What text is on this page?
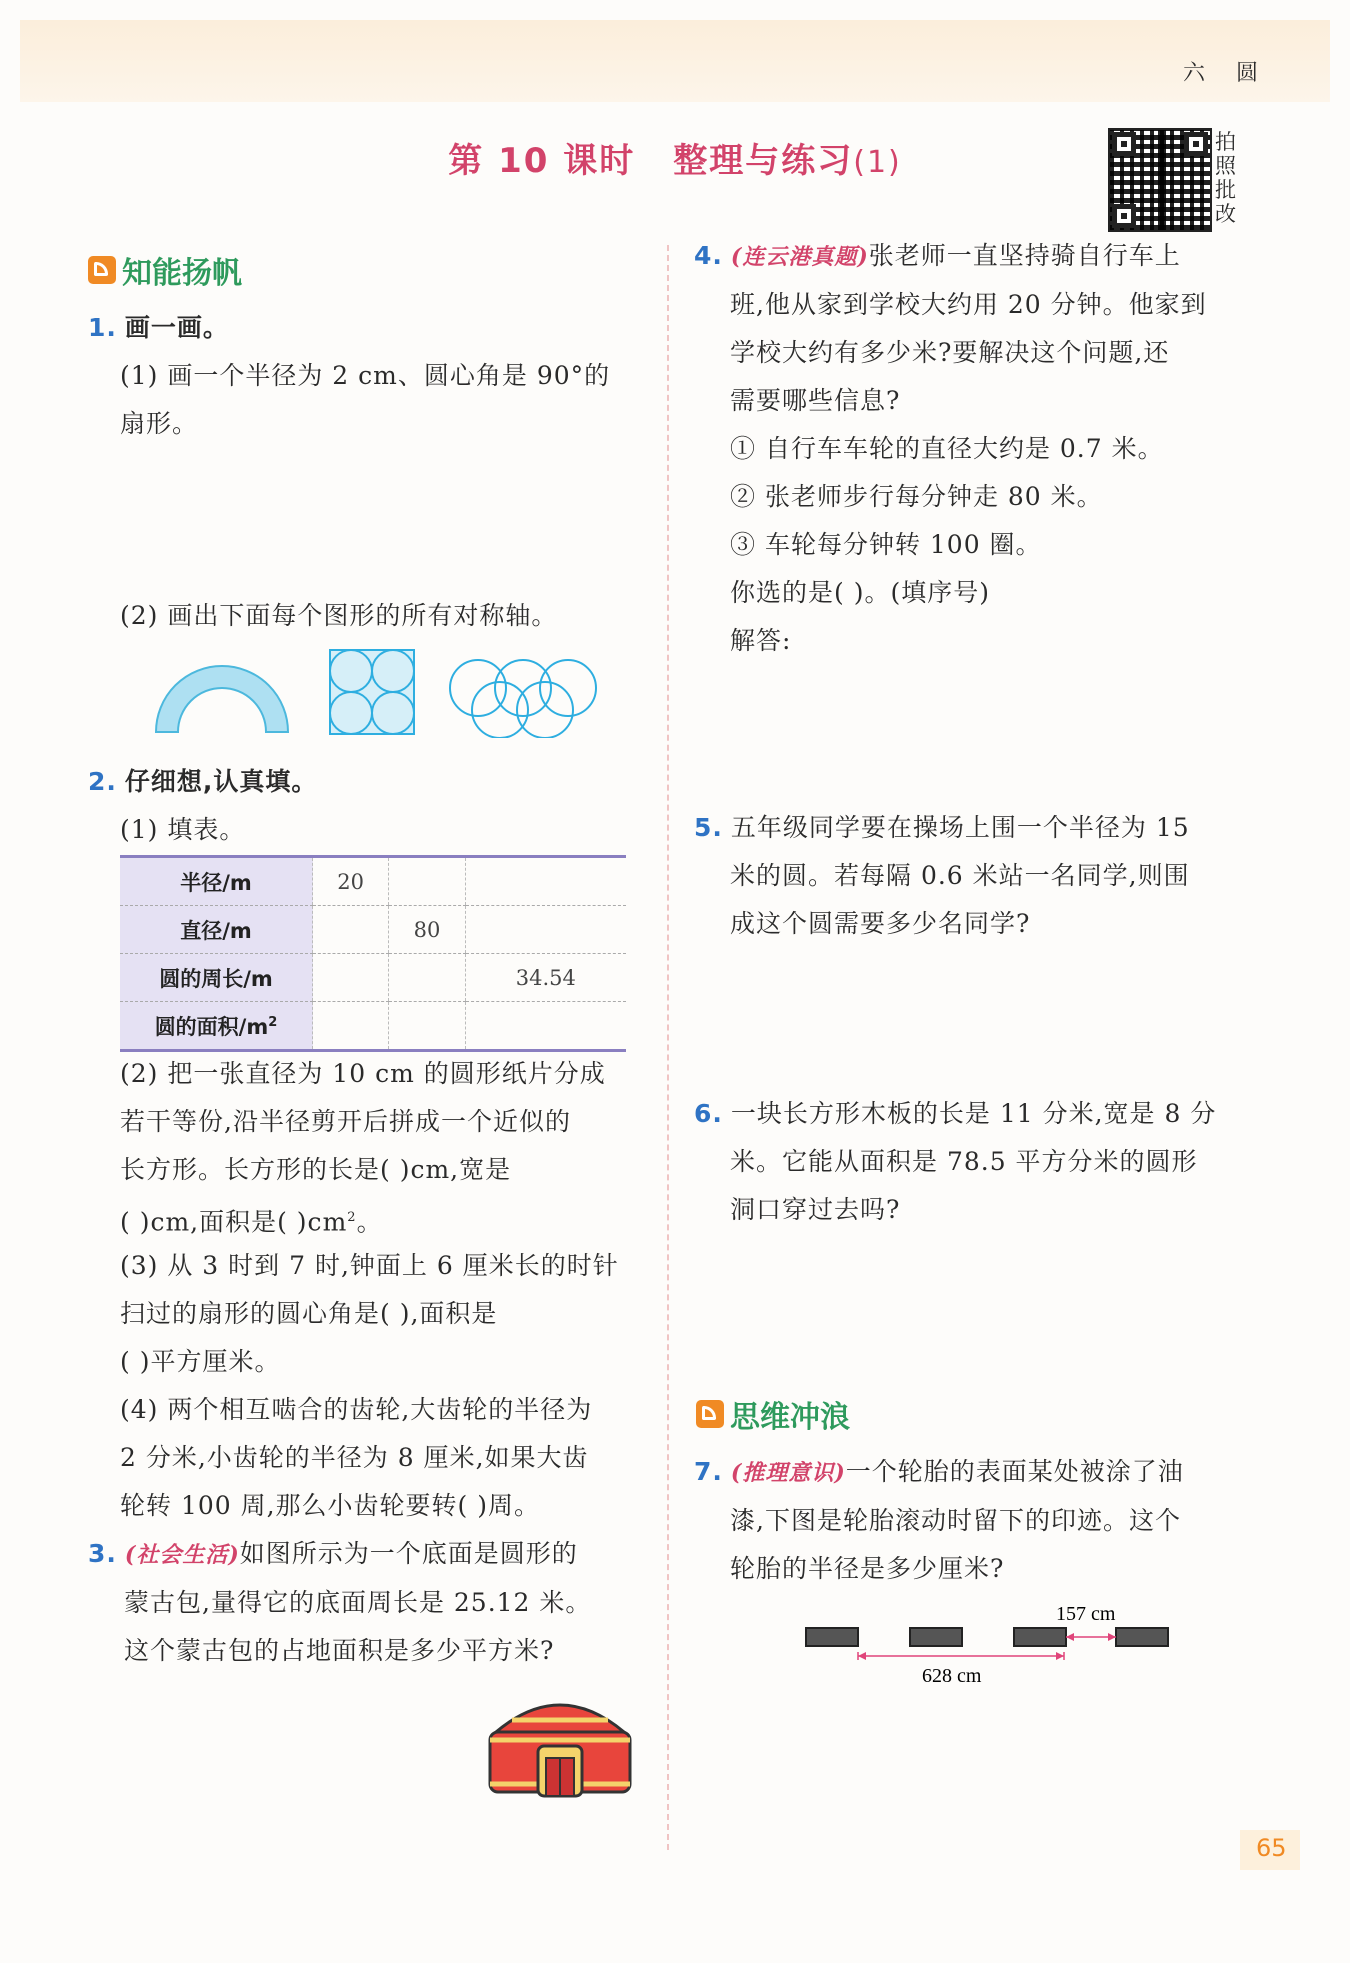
六 圆
第 10 课时 整理与练习(1)
拍
照
批
改
知能扬帆
1. 画一画。
(1) 画一个半径为 2 cm、圆心角是 90°的
扇形。
(2) 画出下面每个图形的所有对称轴。
2. 仔细想,认真填。
(1) 填表。
半径/m	20		
直径/m		80	
圆的周长/m			34.54
圆的面积$/m^2$			
(2) 把一张直径为 10 cm 的圆形纸片分成
若干等份,沿半径剪开后拼成一个近似的
长方形。长方形的长是( )cm,宽是
( )cm,面积是( )$cm^2$。
(3) 从 3 时到 7 时,钟面上 6 厘米长的时针
扫过的扇形的圆心角是( ),面积是
( )平方厘米。
(4) 两个相互啮合的齿轮,大齿轮的半径为
2 分米,小齿轮的半径为 8 厘米,如果大齿
轮转 100 周,那么小齿轮要转( )周。
3. (社会生活)如图所示为一个底面是圆形的
蒙古包,量得它的底面周长是 25.12 米。
这个蒙古包的占地面积是多少平方米?
4. (连云港真题)张老师一直坚持骑自行车上
班,他从家到学校大约用 20 分钟。他家到
学校大约有多少米?要解决这个问题,还
需要哪些信息?
① 自行车车轮的直径大约是 0.7 米。
② 张老师步行每分钟走 80 米。
③ 车轮每分钟转 100 圈。
你选的是( )。(填序号)
解答:
5. 五年级同学要在操场上围一个半径为 15
米的圆。若每隔 0.6 米站一名同学,则围
成这个圆需要多少名同学?
6. 一块长方形木板的长是 11 分米,宽是 8 分
米。它能从面积是 78.5 平方分米的圆形
洞口穿过去吗?
思维冲浪
7. (推理意识)一个轮胎的表面某处被涂了油
漆,下图是轮胎滚动时留下的印迹。这个
轮胎的半径是多少厘米?
157 cm
628 cm
65
